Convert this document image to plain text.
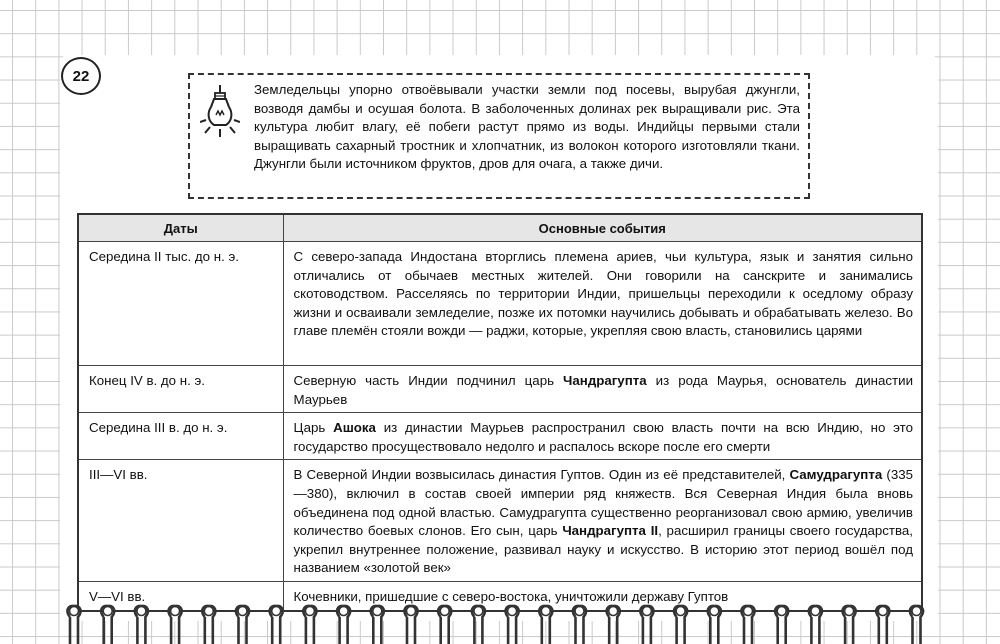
22

Земледельцы упорно отвоёвывали участки земли под посевы, вырубая джунгли, возводя дамбы и осушая болота. В заболоченных долинах рек выращивали рис. Эта культура любит влагу, её побеги растут прямо из воды. Индийцы первыми стали выращивать сахарный тростник и хлопчатник, из волокон которого изготовляли ткани. Джунгли были источником фруктов, дров для очага, а также дичи.

Даты	Основные события
Середина II тыс. до н. э.	С северо-запада Индостана вторглись племена ариев, чьи культура, язык и занятия сильно отличались от обычаев местных жителей. Они говорили на санскрите и занимались скотоводством. Расселяясь по территории Индии, пришельцы переходили к оседлому образу жизни и осваивали земледелие, позже их потомки научились добывать и обрабатывать железо. Во главе племён стояли вожди — раджи, которые, укрепляя свою власть, становились царями
Конец IV в. до н. э.	Северную часть Индии подчинил царь Чандрагупта из рода Маурья, основатель династии Маурьев
Середина III в. до н. э.	Царь Ашока из династии Маурьев распространил свою власть почти на всю Индию, но это государство просуществовало недолго и распалось вскоре после его смерти
III—VI вв.	В Северной Индии возвысилась династия Гуптов. Один из её представителей, Самудрагупта (335—380), включил в состав своей империи ряд княжеств. Вся Северная Индия была вновь объединена под одной властью. Самудрагупта существенно реорганизовал свою армию, увеличив количество боевых слонов. Его сын, царь Чандрагупта II, расширил границы своего государства, укрепил внутреннее положение, развивал науку и искусство. В историю этот период вошёл под названием «золотой век»
V—VI вв.	Кочевники, пришедшие с северо-востока, уничтожили державу Гуптов
